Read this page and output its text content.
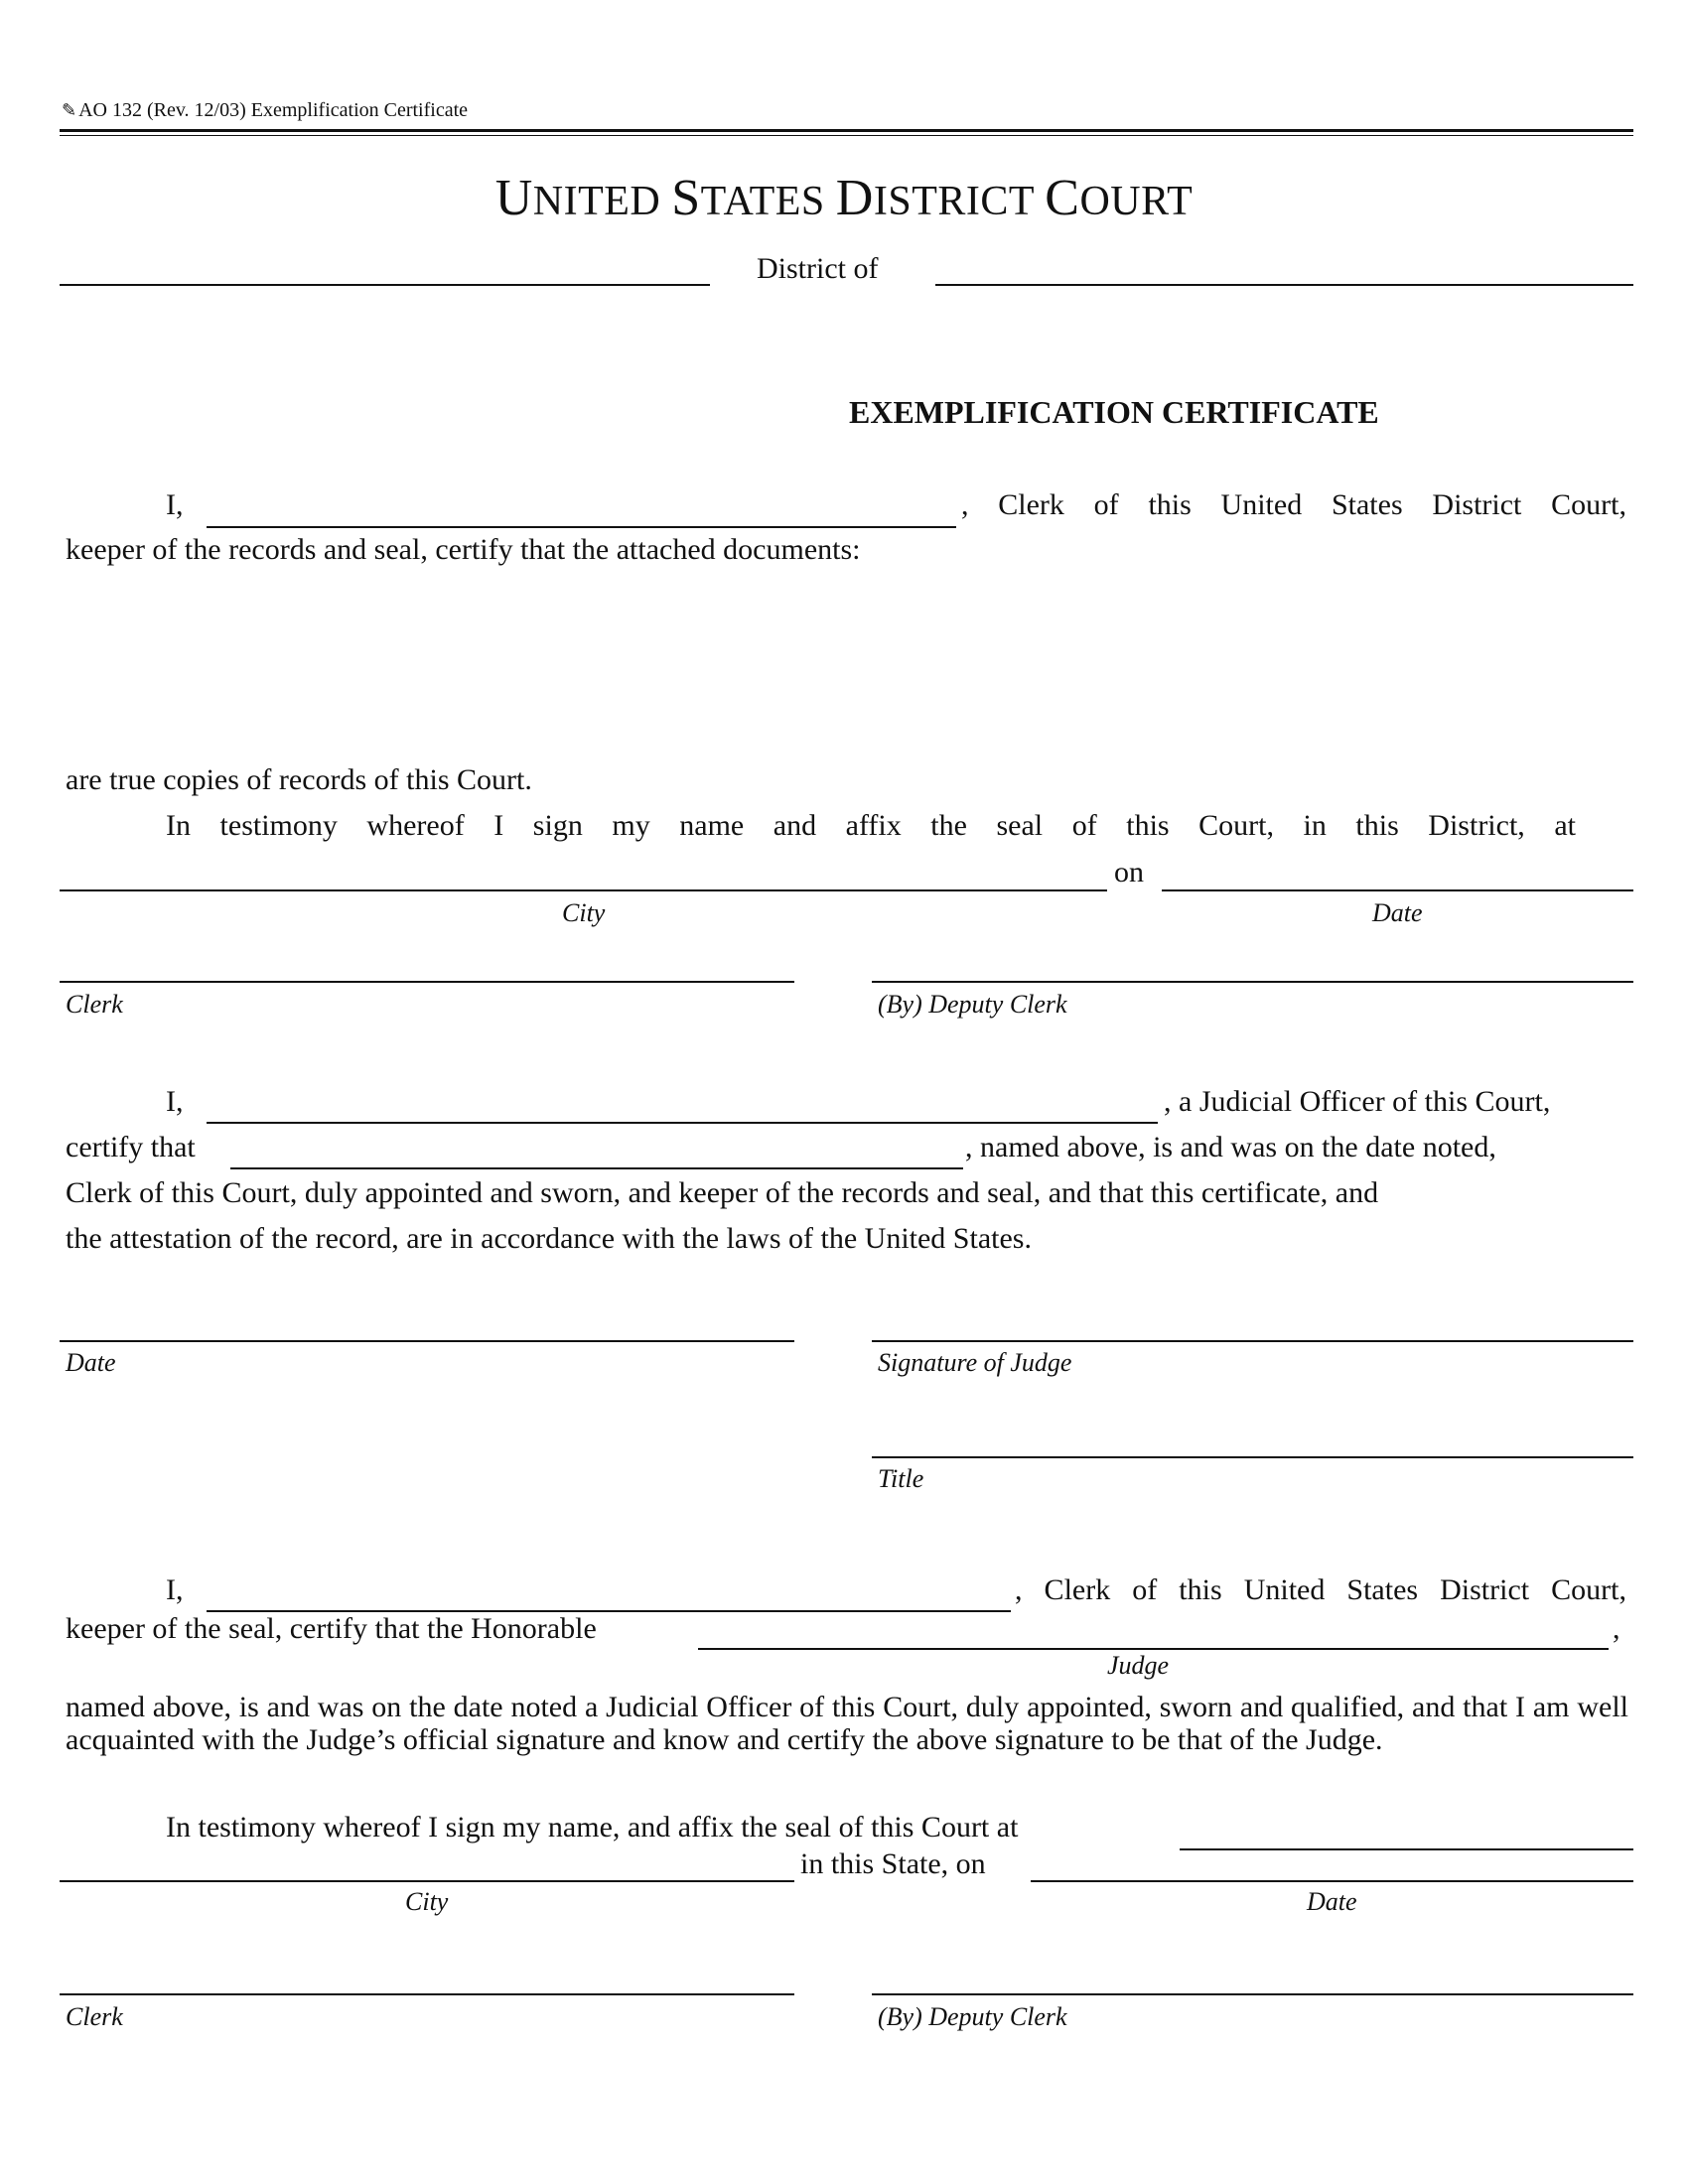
✎ AO 132 (Rev. 12/03) Exemplification Certificate
UNITED STATES DISTRICT COURT
District of
EXEMPLIFICATION CERTIFICATE
I,	, Clerk of this United States District Court,
keeper of the records and seal, certify that the attached documents:
are true copies of records of this Court.
In testimony whereof I sign my name and affix the seal of this Court, in this District, at
on
City	Date
Clerk	(By) Deputy Clerk
I,	, a Judicial Officer of this Court,
certify that	, named above, is and was on the date noted,
Clerk of this Court, duly appointed and sworn, and keeper of the records and seal, and that this certificate, and
the attestation of the record, are in accordance with the laws of the United States.
Date	Signature of Judge
Title
I,	, Clerk of this United States District Court,
keeper of the seal, certify that the Honorable	,
Judge
named above, is and was on the date noted a Judicial Officer of this Court, duly appointed, sworn and qualified, and that I am well acquainted with the Judge’s official signature and know and certify the above signature to be that of the Judge.
In testimony whereof I sign my name, and affix the seal of this Court at
in this State, on
City	Date
Clerk	(By) Deputy Clerk
